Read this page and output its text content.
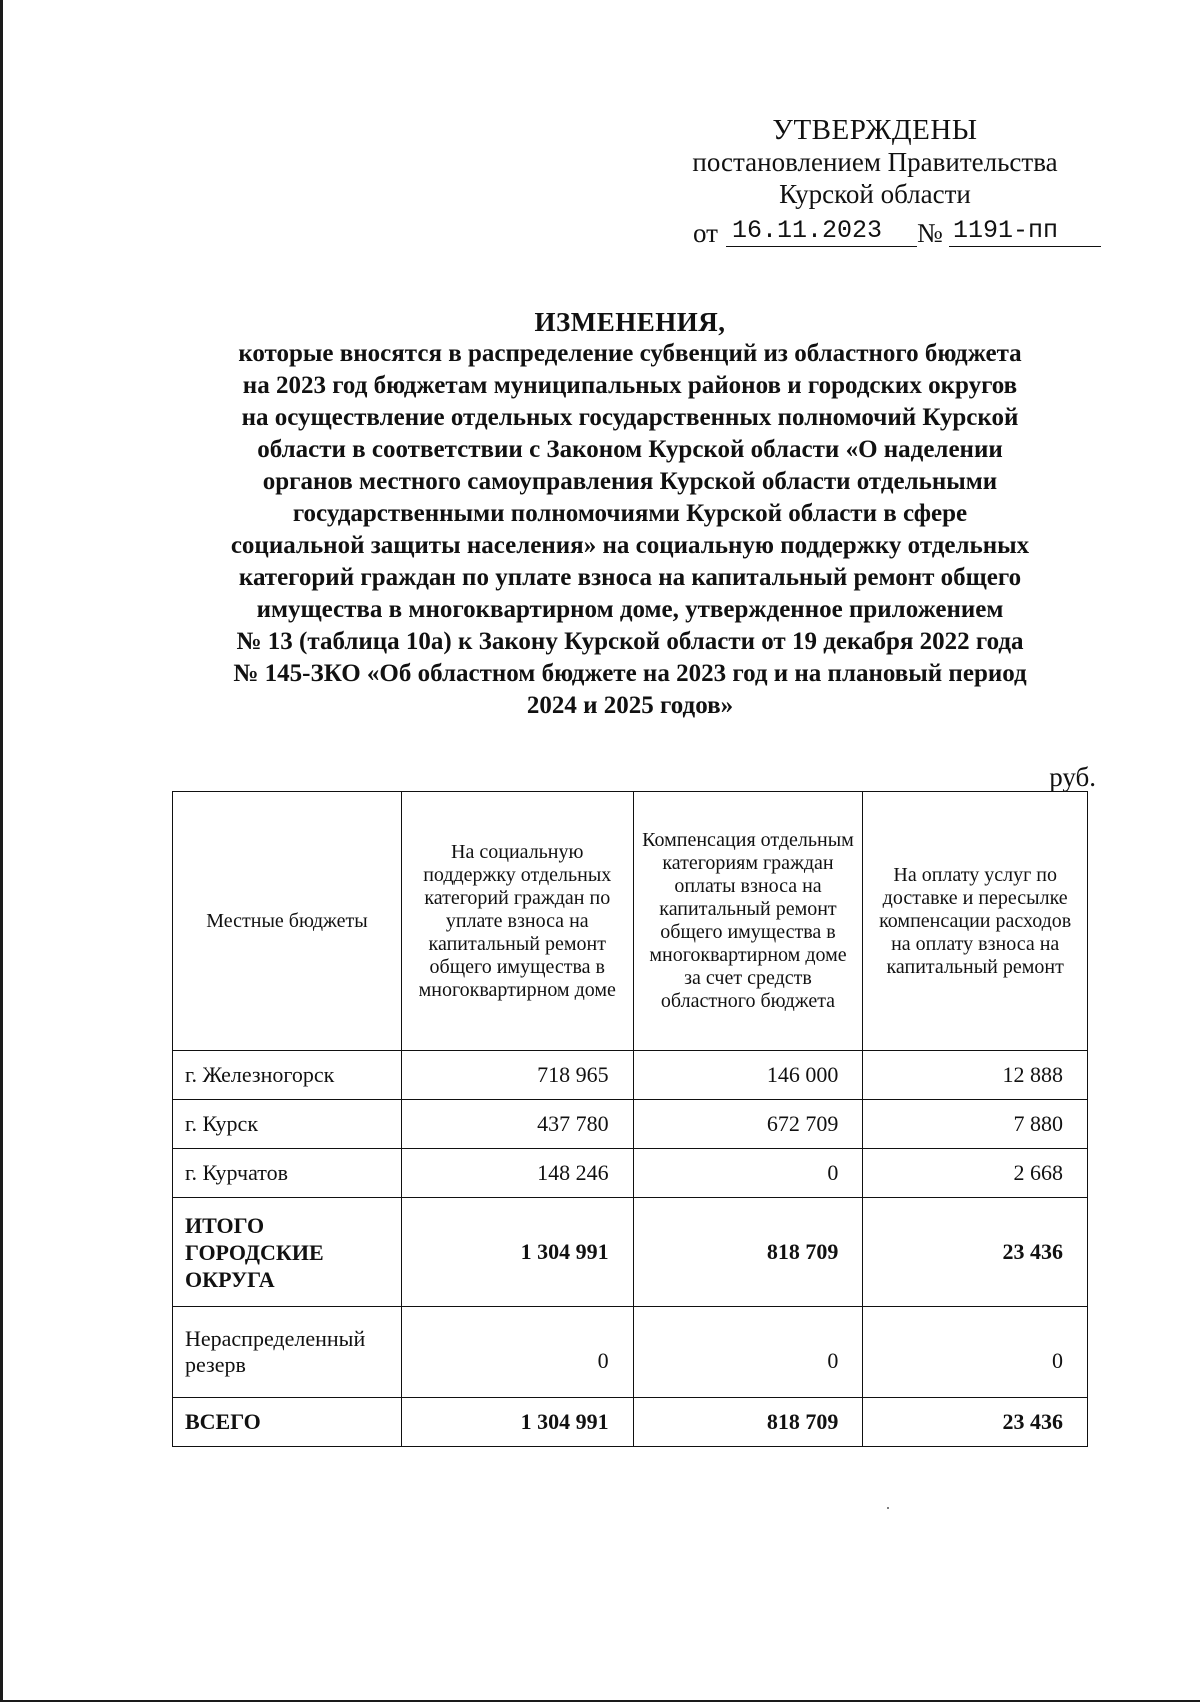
УТВЕРЖДЕНЫ
постановлением Правительства
Курской области
от 16.11.2023	№ 1191-пп
ИЗМЕНЕНИЯ,
которые вносятся в распределение субвенций из областного бюджета
на 2023 год бюджетам муниципальных районов и городских округов
на осуществление отдельных государственных полномочий Курской
области в соответствии с Законом Курской области «О наделении
органов местного самоуправления Курской области отдельными
государственными полномочиями Курской области в сфере
социальной защиты населения» на социальную поддержку отдельных
категорий граждан по уплате взноса на капитальный ремонт общего
имущества в многоквартирном доме, утвержденное приложением
№ 13 (таблица 10а) к Закону Курской области от 19 декабря 2022 года
№ 145-ЗКО «Об областном бюджете на 2023 год и на плановый период
2024 и 2025 годов»
руб.
Местные бюджеты	На социальную поддержку отдельных категорий граждан по уплате взноса на капитальный ремонт общего имущества в многоквартирном доме	Компенсация отдельным категориям граждан оплаты взноса на капитальный ремонт общего имущества в многоквартирном доме за счет средств областного бюджета	На оплату услуг по доставке и пересылке компенсации расходов на оплату взноса на капитальный ремонт
г. Железногорск	718 965	146 000	12 888
г. Курск	437 780	672 709	7 880
г. Курчатов	148 246	0	2 668

ИТОГО
ГОРОДСКИЕ
ОКРУГА	1 304 991	818 709	23 436
Нераспределенный резерв	0	0	0
ВСЕГО	1 304 991	818 709	23 436
